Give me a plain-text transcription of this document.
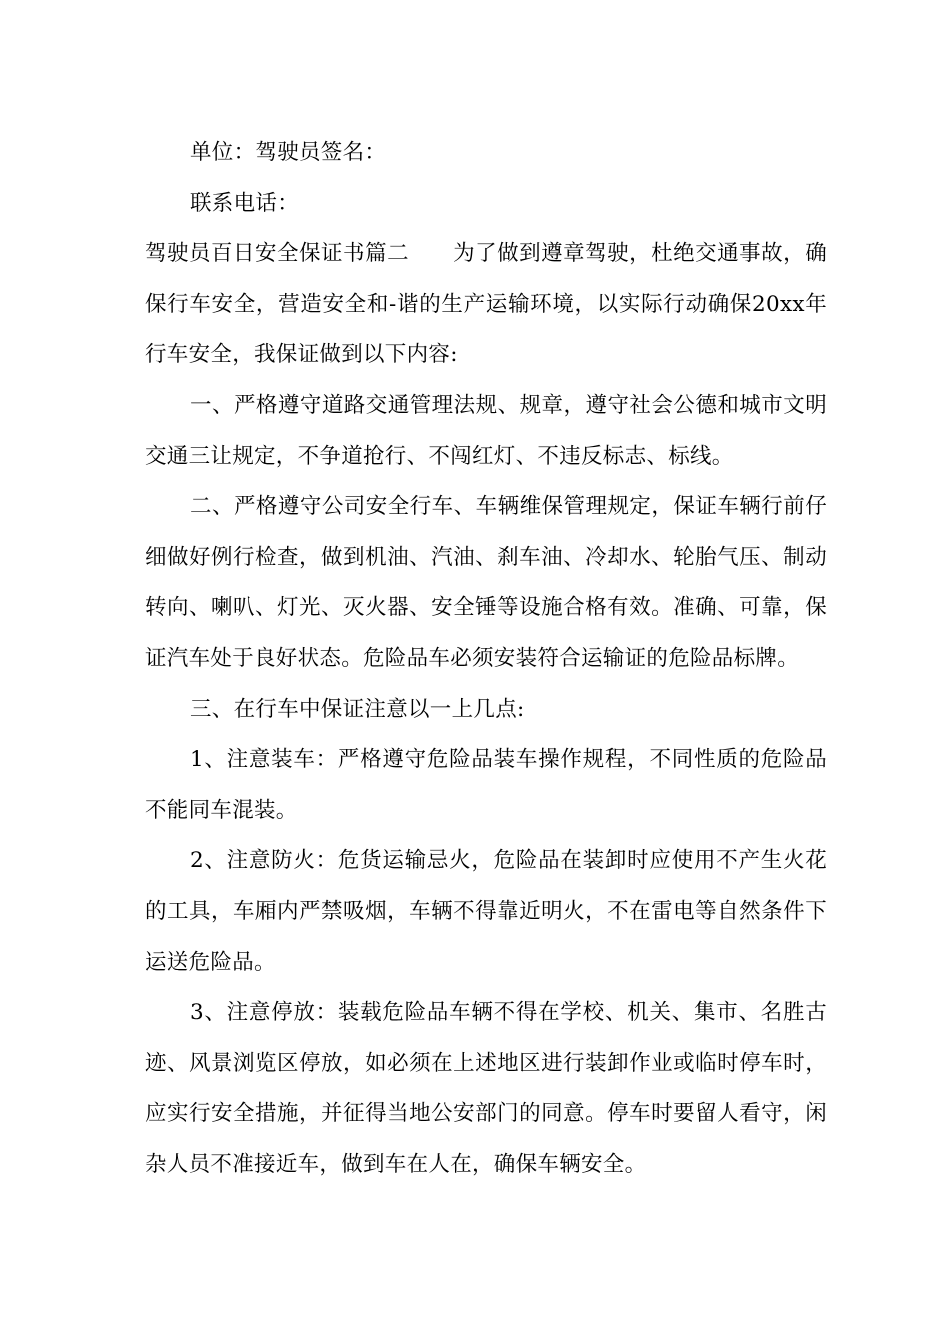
单位：驾驶员签名：

联系电话：

驾驶员百日安全保证书篇二　　为了做到遵章驾驶，杜绝交通事故，确保行车安全，营造安全和-谐的生产运输环境，以实际行动确保20xx年行车安全，我保证做到以下内容:

一、严格遵守道路交通管理法规、规章，遵守社会公德和城市文明交通三让规定，不争道抢行、不闯红灯、不违反标志、标线。

二、严格遵守公司安全行车、车辆维保管理规定，保证车辆行前仔细做好例行检查，做到机油、汽油、刹车油、冷却水、轮胎气压、制动转向、喇叭、灯光、灭火器、安全锤等设施合格有效。准确、可靠，保证汽车处于良好状态。危险品车必须安装符合运输证的危险品标牌。

三、在行车中保证注意以一上几点:

1、注意装车：严格遵守危险品装车操作规程，不同性质的危险品不能同车混装。

2、注意防火：危货运输忌火，危险品在装卸时应使用不产生火花的工具，车厢内严禁吸烟，车辆不得靠近明火，不在雷电等自然条件下运送危险品。

3、注意停放：装载危险品车辆不得在学校、机关、集市、名胜古迹、风景浏览区停放，如必须在上述地区进行装卸作业或临时停车时，应实行安全措施，并征得当地公安部门的同意。停车时要留人看守，闲杂人员不准接近车，做到车在人在，确保车辆安全。
